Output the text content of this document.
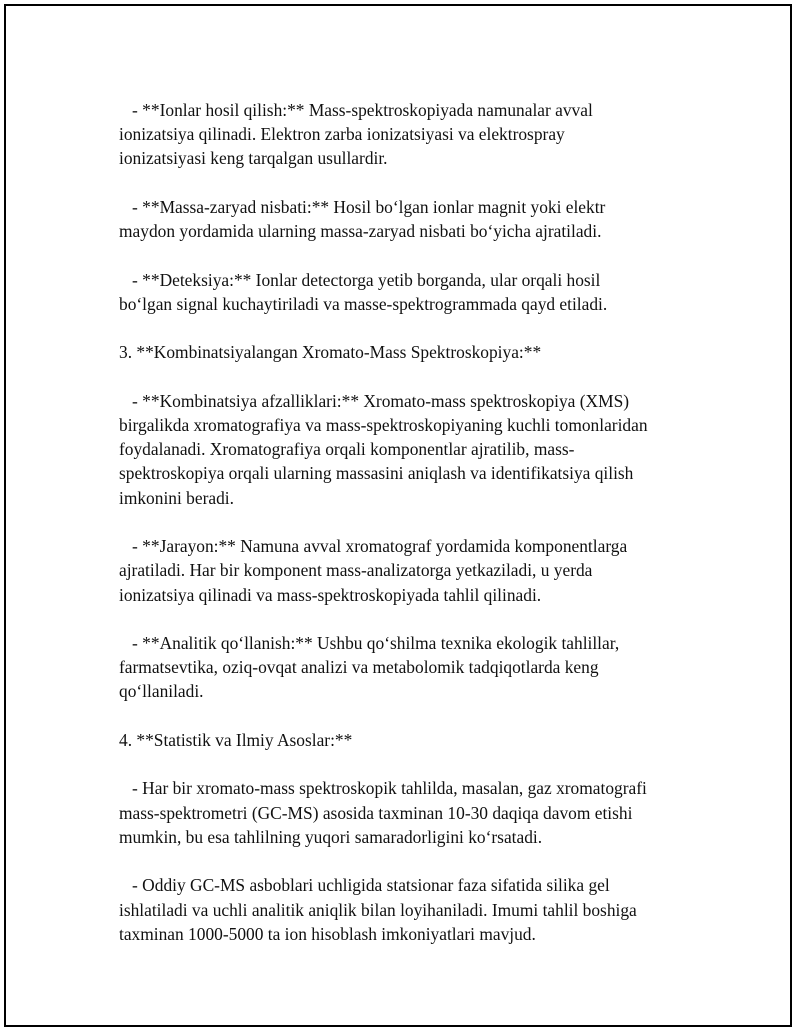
- **Ionlar hosil qilish:** Mass-spektroskopiyada namunalar avval
ionizatsiya qilinadi. Elektron zarba ionizatsiyasi va elektrospray
ionizatsiyasi keng tarqalgan usullardir.

- **Massa-zaryad nisbati:** Hosil bo‘lgan ionlar magnit yoki elektr
maydon yordamida ularning massa-zaryad nisbati bo‘yicha ajratiladi.

- **Deteksiya:** Ionlar detectorga yetib borganda, ular orqali hosil
bo‘lgan signal kuchaytiriladi va masse-spektrogrammada qayd etiladi.

3. **Kombinatsiyalangan Xromato-Mass Spektroskopiya:**

- **Kombinatsiya afzalliklari:** Xromato-mass spektroskopiya (XMS)
birgalikda xromatografiya va mass-spektroskopiyaning kuchli tomonlaridan
foydalanadi. Xromatografiya orqali komponentlar ajratilib, mass-
spektroskopiya orqali ularning massasini aniqlash va identifikatsiya qilish
imkonini beradi.

- **Jarayon:** Namuna avval xromatograf yordamida komponentlarga
ajratiladi. Har bir komponent mass-analizatorga yetkaziladi, u yerda
ionizatsiya qilinadi va mass-spektroskopiyada tahlil qilinadi.

- **Analitik qo‘llanish:** Ushbu qo‘shilma texnika ekologik tahlillar,
farmatsevtika, oziq-ovqat analizi va metabolomik tadqiqotlarda keng
qo‘llaniladi.

4. **Statistik va Ilmiy Asoslar:**

- Har bir xromato-mass spektroskopik tahlilda, masalan, gaz xromatografi
mass-spektrometri (GC-MS) asosida taxminan 10-30 daqiqa davom etishi
mumkin, bu esa tahlilning yuqori samaradorligini ko‘rsatadi.

- Oddiy GC-MS asboblari uchligida statsionar faza sifatida silika gel
ishlatiladi va uchli analitik aniqlik bilan loyihaniladi. Imumi tahlil boshiga
taxminan 1000-5000 ta ion hisoblash imkoniyatlari mavjud.
